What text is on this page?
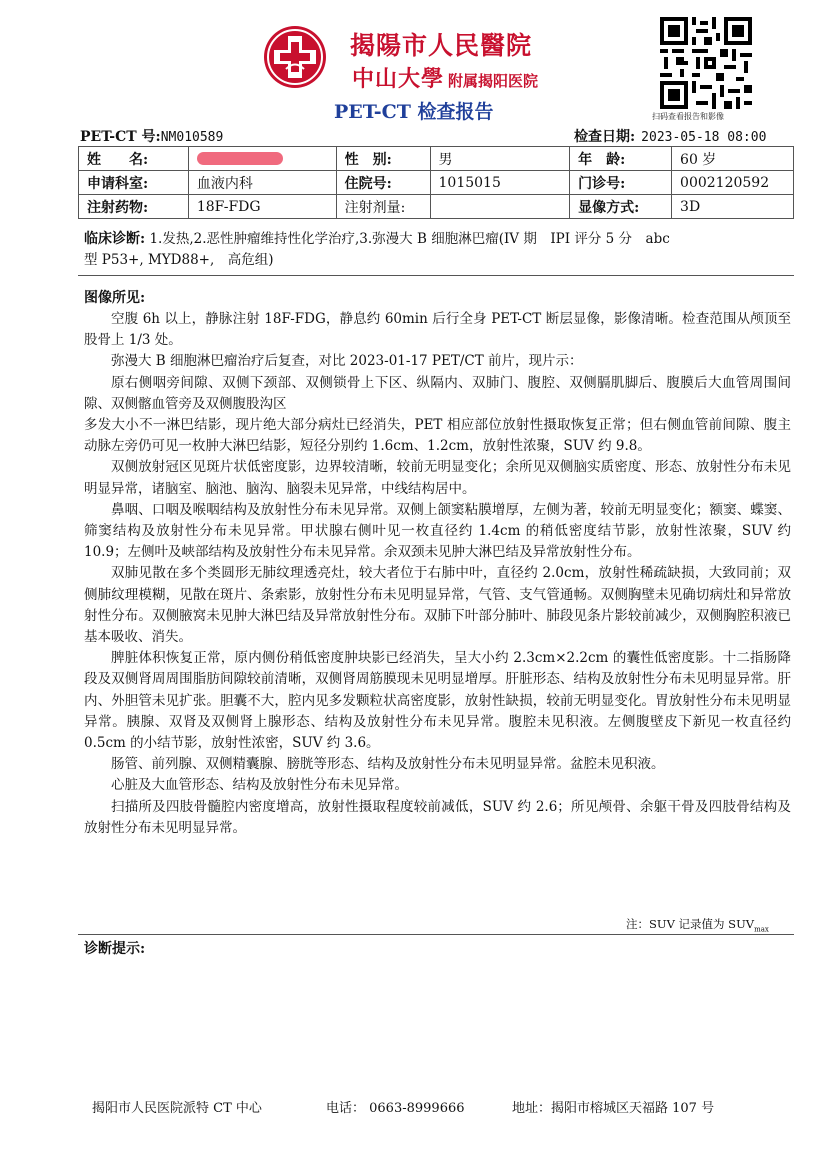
揭陽市人民醫院
中山大學 附属揭阳医院
PET-CT 检查报告	扫码查看报告和影像
PET-CT 号:NM010589	检查日期: 2023-05-18 08:00
姓　　名:		性　别:	男	年　龄:	60 岁
申请科室:	血液内科	住院号:	1015015	门诊号:	0002120592
注射药物:	18F-FDG	注射剂量:		显像方式:	3D
临床诊断: 1.发热,2.恶性肿瘤维持性化学治疗,3.弥漫大 B 细胞淋巴瘤(IV 期　IPI 评分 5 分　abc
型 P53+, MYD88+,　高危组)
图像所见:

空腹 6h 以上，静脉注射 18F-FDG，静息约 60min 后行全身 PET-CT 断层显像，影像清晰。检查范围从颅顶至股骨上 1/3 处。

弥漫大 B 细胞淋巴瘤治疗后复查，对比 2023-01-17 PET/CT 前片，现片示：

原右侧咽旁间隙、双侧下颈部、双侧锁骨上下区、纵隔内、双肺门、腹腔、双侧膈肌脚后、腹膜后大血管周围间隙、双侧髂血管旁及双侧腹股沟区

多发大小不一淋巴结影，现片绝大部分病灶已经消失，PET 相应部位放射性摄取恢复正常；但右侧血管前间隙、腹主动脉左旁仍可见一枚肿大淋巴结影，短径分别约 1.6cm、1.2cm，放射性浓聚，SUV 约 9.8。

双侧放射冠区见斑片状低密度影，边界较清晰，较前无明显变化；余所见双侧脑实质密度、形态、放射性分布未见明显异常，诸脑室、脑池、脑沟、脑裂未见异常，中线结构居中。

鼻咽、口咽及喉咽结构及放射性分布未见异常。双侧上颌窦粘膜增厚，左侧为著，较前无明显变化；额窦、蝶窦、筛窦结构及放射性分布未见异常。甲状腺右侧叶见一枚直径约 1.4cm 的稍低密度结节影，放射性浓聚，SUV 约 10.9；左侧叶及峡部结构及放射性分布未见异常。余双颈未见肿大淋巴结及异常放射性分布。

双肺见散在多个类圆形无肺纹理透亮灶，较大者位于右肺中叶，直径约 2.0cm，放射性稀疏缺损，大致同前；双侧肺纹理模糊，见散在斑片、条索影，放射性分布未见明显异常，气管、支气管通畅。双侧胸壁未见确切病灶和异常放射性分布。双侧腋窝未见肿大淋巴结及异常放射性分布。双肺下叶部分肺叶、肺段见条片影较前减少，双侧胸腔积液已基本吸收、消失。

脾脏体积恢复正常，原内侧份稍低密度肿块影已经消失，呈大小约 2.3cm×2.2cm 的囊性低密度影。十二指肠降段及双侧肾周周围脂肪间隙较前清晰，双侧肾周筋膜现未见明显增厚。肝脏形态、结构及放射性分布未见明显异常。肝内、外胆管未见扩张。胆囊不大，腔内见多发颗粒状高密度影，放射性缺损，较前无明显变化。胃放射性分布未见明显异常。胰腺、双肾及双侧肾上腺形态、结构及放射性分布未见异常。腹腔未见积液。左侧腹壁皮下新见一枚直径约 0.5cm 的小结节影，放射性浓密，SUV 约 3.6。

肠管、前列腺、双侧精囊腺、膀胱等形态、结构及放射性分布未见明显异常。盆腔未见积液。

心脏及大血管形态、结构及放射性分布未见异常。

扫描所及四肢骨髓腔内密度增高，放射性摄取程度较前减低，SUV 约 2.6；所见颅骨、余躯干骨及四肢骨结构及放射性分布未见明显异常。

注：SUV 记录值为 $SUV_{max}$
诊断提示:
揭阳市人民医院派特 CT 中心	电话： 0663-8999666	地址：揭阳市榕城区天福路 107 号
